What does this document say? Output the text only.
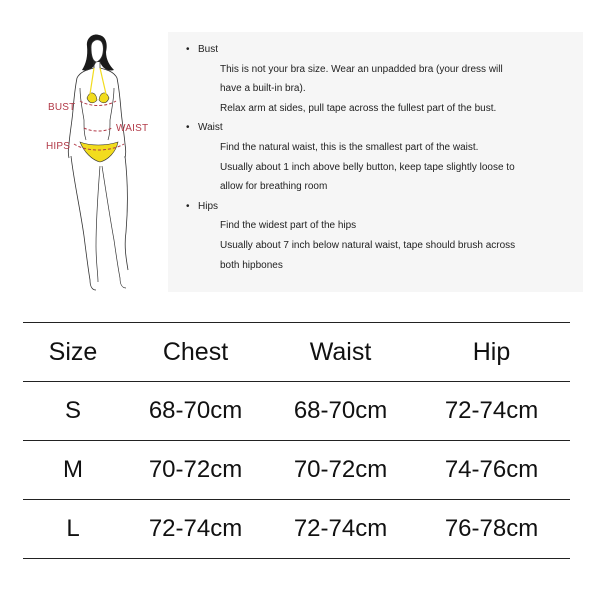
BUST
WAIST
HIPS
• Bust
This is not your bra size. Wear an unpadded bra (your dress will
have a built-in bra).
Relax arm at sides, pull tape across the fullest part of the bust.
• Waist
Find the natural waist, this is the smallest part of the waist.
Usually about 1 inch above belly button, keep tape slightly loose to
allow for breathing room
• Hips
Find the widest part of the hips
Usually about 7 inch below natural waist, tape should brush across
both hipbones
Size	Chest	Waist	Hip
S	68-70cm	68-70cm	72-74cm
M	70-72cm	70-72cm	74-76cm
L	72-74cm	72-74cm	76-78cm
